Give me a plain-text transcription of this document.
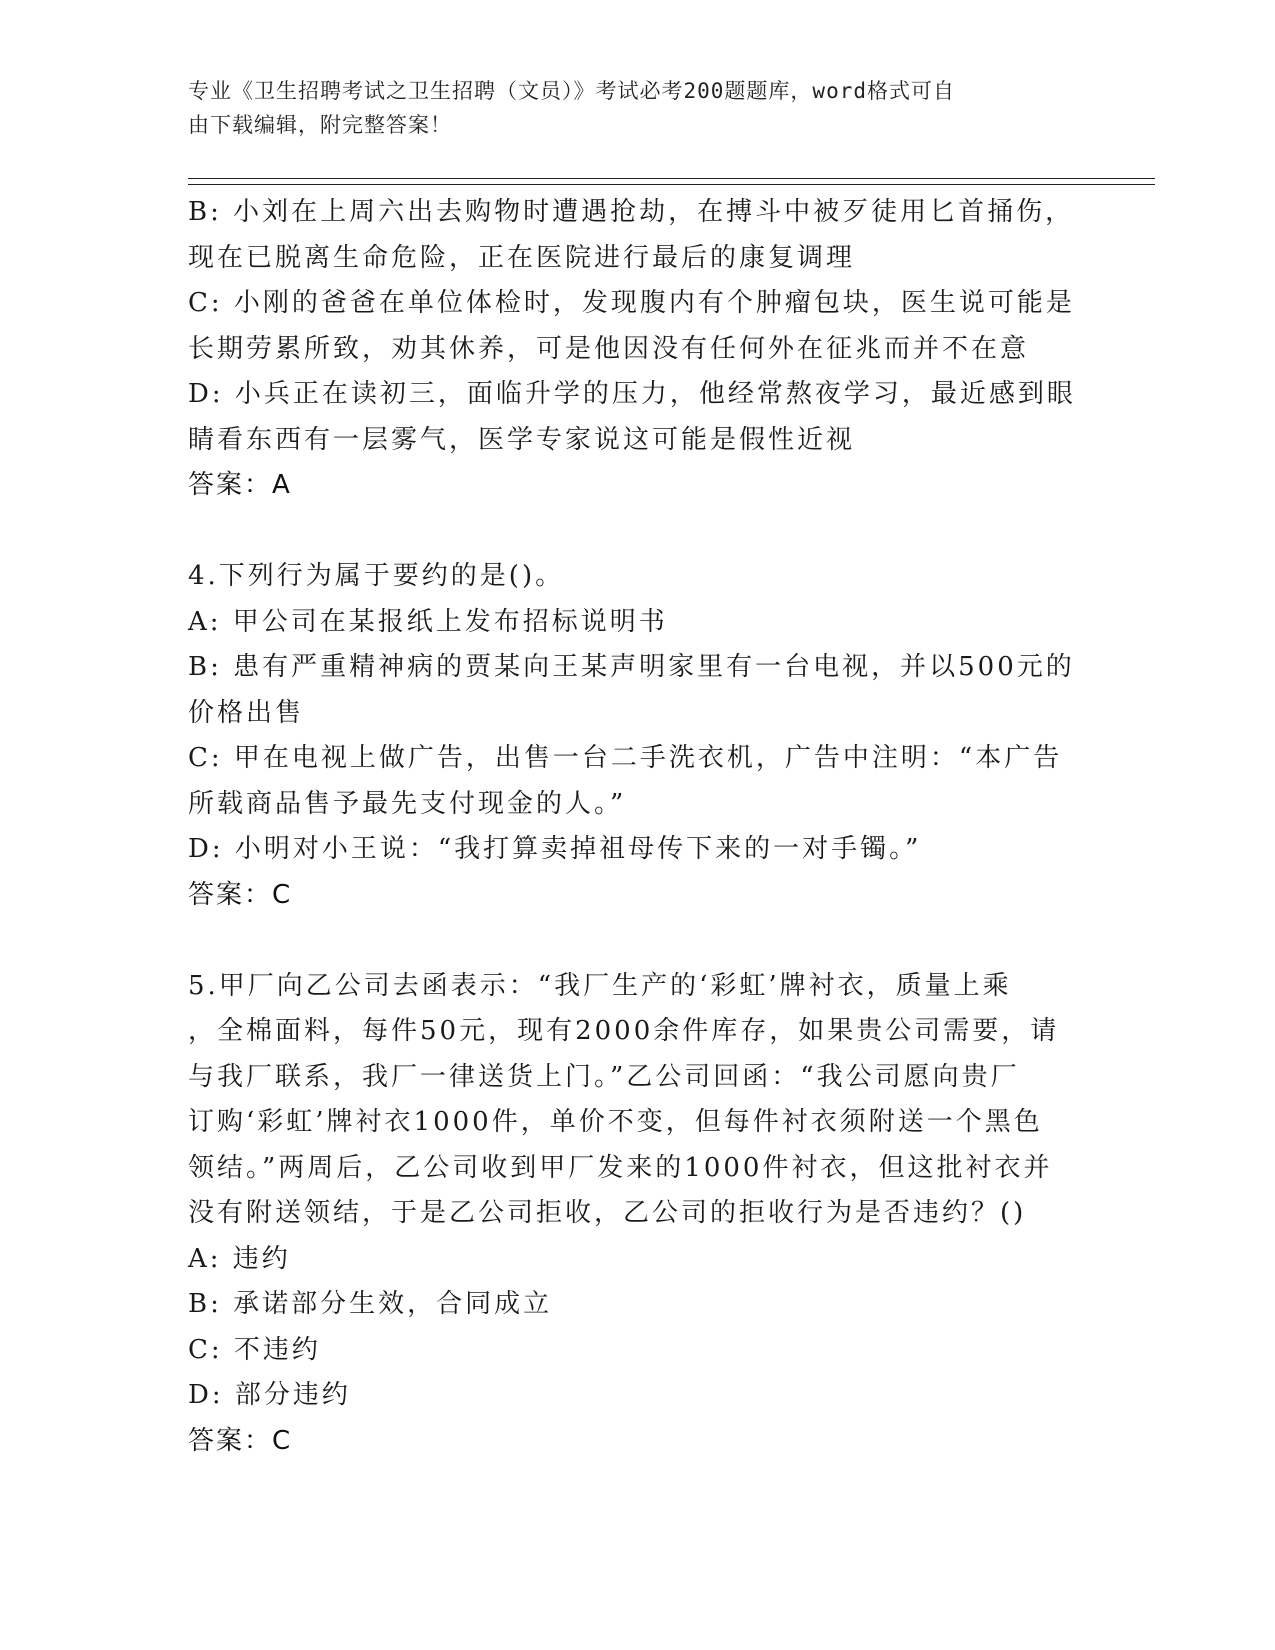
专业《卫生招聘考试之卫生招聘（文员）》考试必考200题题库，word格式可自
由下载编辑，附完整答案！
B: 小刘在上周六出去购物时遭遇抢劫，在搏斗中被歹徒用匕首捅伤，
现在已脱离生命危险，正在医院进行最后的康复调理
C: 小刚的爸爸在单位体检时，发现腹内有个肿瘤包块，医生说可能是
长期劳累所致，劝其休养，可是他因没有任何外在征兆而并不在意
D: 小兵正在读初三，面临升学的压力，他经常熬夜学习，最近感到眼
睛看东西有一层雾气，医学专家说这可能是假性近视
答案：A
4.下列行为属于要约的是()。
A: 甲公司在某报纸上发布招标说明书
B: 患有严重精神病的贾某向王某声明家里有一台电视，并以500元的
价格出售
C: 甲在电视上做广告，出售一台二手洗衣机，广告中注明：“本广告
所载商品售予最先支付现金的人。”
D: 小明对小王说：“我打算卖掉祖母传下来的一对手镯。”
答案：C
5.甲厂向乙公司去函表示：“我厂生产的‘彩虹’牌衬衣，质量上乘
，全棉面料，每件50元，现有2000余件库存，如果贵公司需要，请
与我厂联系，我厂一律送货上门。”乙公司回函：“我公司愿向贵厂
订购‘彩虹’牌衬衣1000件，单价不变，但每件衬衣须附送一个黑色
领结。”两周后，乙公司收到甲厂发来的1000件衬衣，但这批衬衣并
没有附送领结，于是乙公司拒收，乙公司的拒收行为是否违约？()
A: 违约
B: 承诺部分生效，合同成立
C: 不违约
D: 部分违约
答案：C
